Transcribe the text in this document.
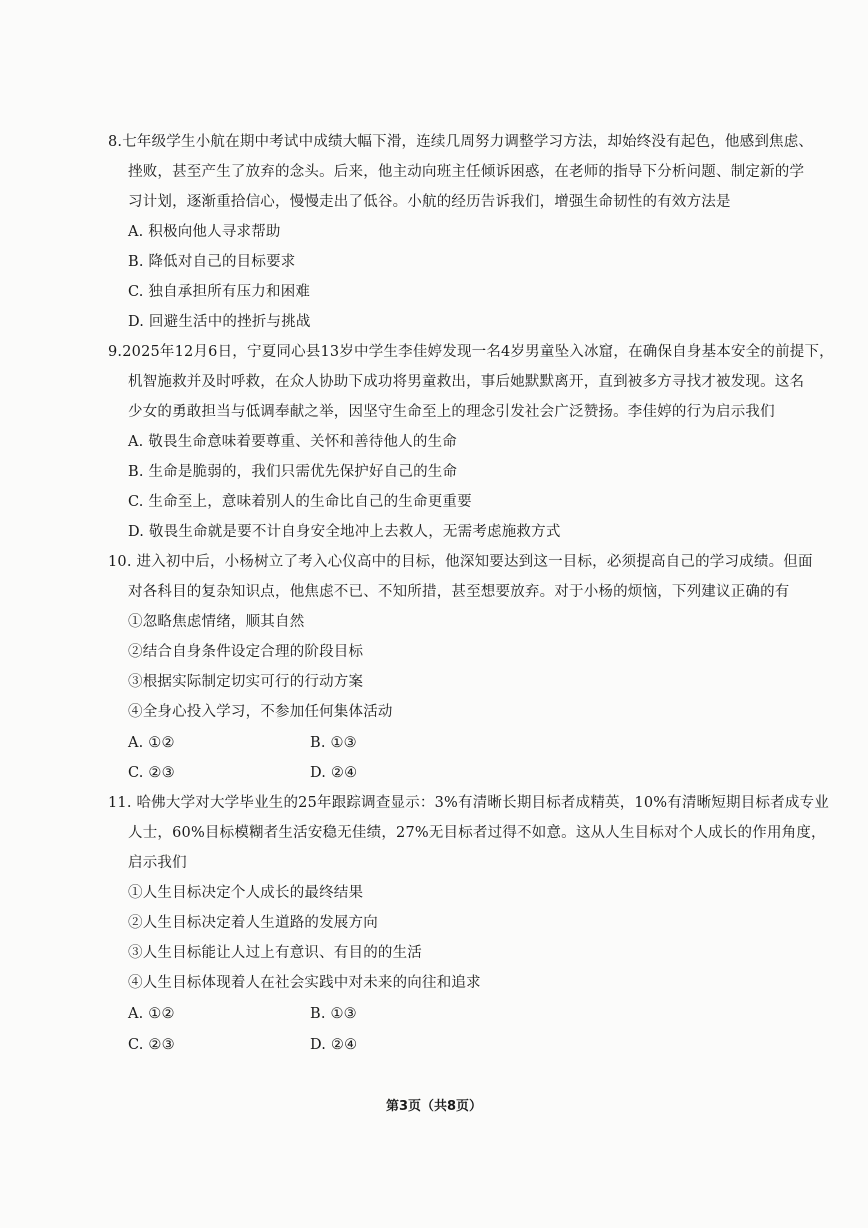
8.七年级学生小航在期中考试中成绩大幅下滑，连续几周努力调整学习方法，却始终没有起色，他感到焦虑、
挫败，甚至产生了放弃的念头。后来，他主动向班主任倾诉困惑，在老师的指导下分析问题、制定新的学
习计划，逐渐重拾信心，慢慢走出了低谷。小航的经历告诉我们，增强生命韧性的有效方法是
A. 积极向他人寻求帮助
B. 降低对自己的目标要求
C. 独自承担所有压力和困难
D. 回避生活中的挫折与挑战
9.2025年12月6日，宁夏同心县13岁中学生李佳婷发现一名4岁男童坠入冰窟，在确保自身基本安全的前提下，
机智施救并及时呼救，在众人协助下成功将男童救出，事后她默默离开，直到被多方寻找才被发现。这名
少女的勇敢担当与低调奉献之举，因坚守生命至上的理念引发社会广泛赞扬。李佳婷的行为启示我们
A. 敬畏生命意味着要尊重、关怀和善待他人的生命
B. 生命是脆弱的，我们只需优先保护好自己的生命
C. 生命至上，意味着别人的生命比自己的生命更重要
D. 敬畏生命就是要不计自身安全地冲上去救人，无需考虑施救方式
10. 进入初中后，小杨树立了考入心仪高中的目标，他深知要达到这一目标，必须提高自己的学习成绩。但面
对各科目的复杂知识点，他焦虑不已、不知所措，甚至想要放弃。对于小杨的烦恼，下列建议正确的有
①忽略焦虑情绪，顺其自然
②结合自身条件设定合理的阶段目标
③根据实际制定切实可行的行动方案
④全身心投入学习，不参加任何集体活动
A. ①②	B. ①③
C. ②③	D. ②④
11. 哈佛大学对大学毕业生的25年跟踪调查显示：3%有清晰长期目标者成精英，10%有清晰短期目标者成专业
人士，60%目标模糊者生活安稳无佳绩，27%无目标者过得不如意。这从人生目标对个人成长的作用角度，
启示我们
①人生目标决定个人成长的最终结果
②人生目标决定着人生道路的发展方向
③人生目标能让人过上有意识、有目的的生活
④人生目标体现着人在社会实践中对未来的向往和追求
A. ①②	B. ①③
C. ②③	D. ②④
第3页（共8页）
